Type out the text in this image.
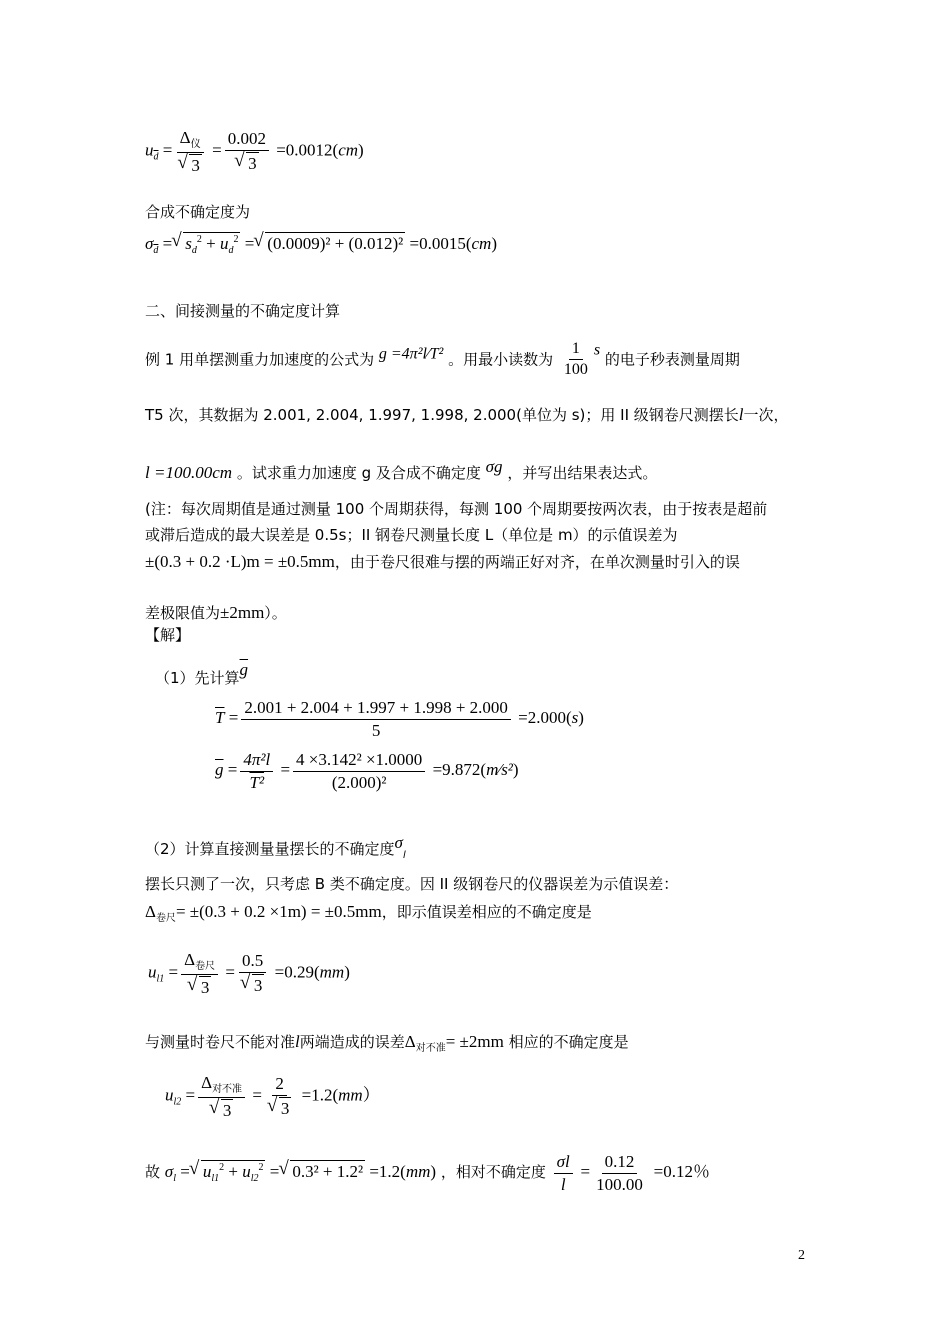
$u_{\overline{d}} = \Delta_仪$
√ 3 = 0.002
√ 3 =0.0012(cm)
合成不确定度为
$\sigma_{\overline{d}}$ = √ $s_d^2 + u_d^2$ = √ (0.0009)² + (0.012)² =0.0015(cm)
二、间接测量的不确定度计算
例 1 用单摆测重力加速度的公式为 g =4π²l⁄T² 。用最小读数为 $\frac{1}{100}$ s 的电子秒表测量周期
T5 次，其数据为 2.001, 2.004, 1.997, 1.998, 2.000(单位为 s)；用 II 级钢卷尺测摆长l一次，
l =100.00cm 。试求重力加速度 g 及合成不确定度 σg ，并写出结果表达式。
(注：每次周期值是通过测量 100 个周期获得，每测 100 个周期要按两次表，由于按表是超前
或滞后造成的最大误差是 0.5s；II 钢卷尺测量长度 L（单位是 m）的示值误差为
±(0.3 + 0.2 ·L)m = ±0.5mm，由于卷尺很难与摆的两端正好对齐，在单次测量时引入的误
差极限值为±2mm）。
【解】
（1）先计算$\overline{g}$
$\overline{T} = \frac{2.001 + 2.004 + 1.997 + 1.998 + 2.000}{5} =2.000(s)$
$\overline{g} = \frac{\text{4π²l}}{\text{T²}} = \frac{\text{4 ×3.142² ×1.0000}}{\text{(2.000)²}}$ =9.872(m⁄s²)
（2）计算直接测量量摆长的不确定度$\sigma_l$
摆长只测了一次，只考虑 B 类不确定度。因 II 级钢卷尺的仪器误差为示值误差：
$\Delta_{卷尺}= \pm(0.3 + 0.2 \times 1m) = \pm 0.5mm$，即示值误差相应的不确定度是
$u_{l1} = \Delta_{卷尺}$
√ 3 = 0.5
√ 3 =0.29(mm)
与测量时卷尺不能对准l两端造成的误差$\Delta_{对不准}= \pm 2mm$ 相应的不确定度是
$u_{l2} = \Delta_{对不准}$
√ 3 = 2
√ 3 =1.2(mm）
故 $\sigma_l$ = √ $u_{l1}^2 + u_{l2}^2$ = √ 0.3² + 1.2² =1.2(mm) ，相对不确定度 $\frac{\sigma l}{l} = \frac{0.12}{100.00} =0.12$％
2
